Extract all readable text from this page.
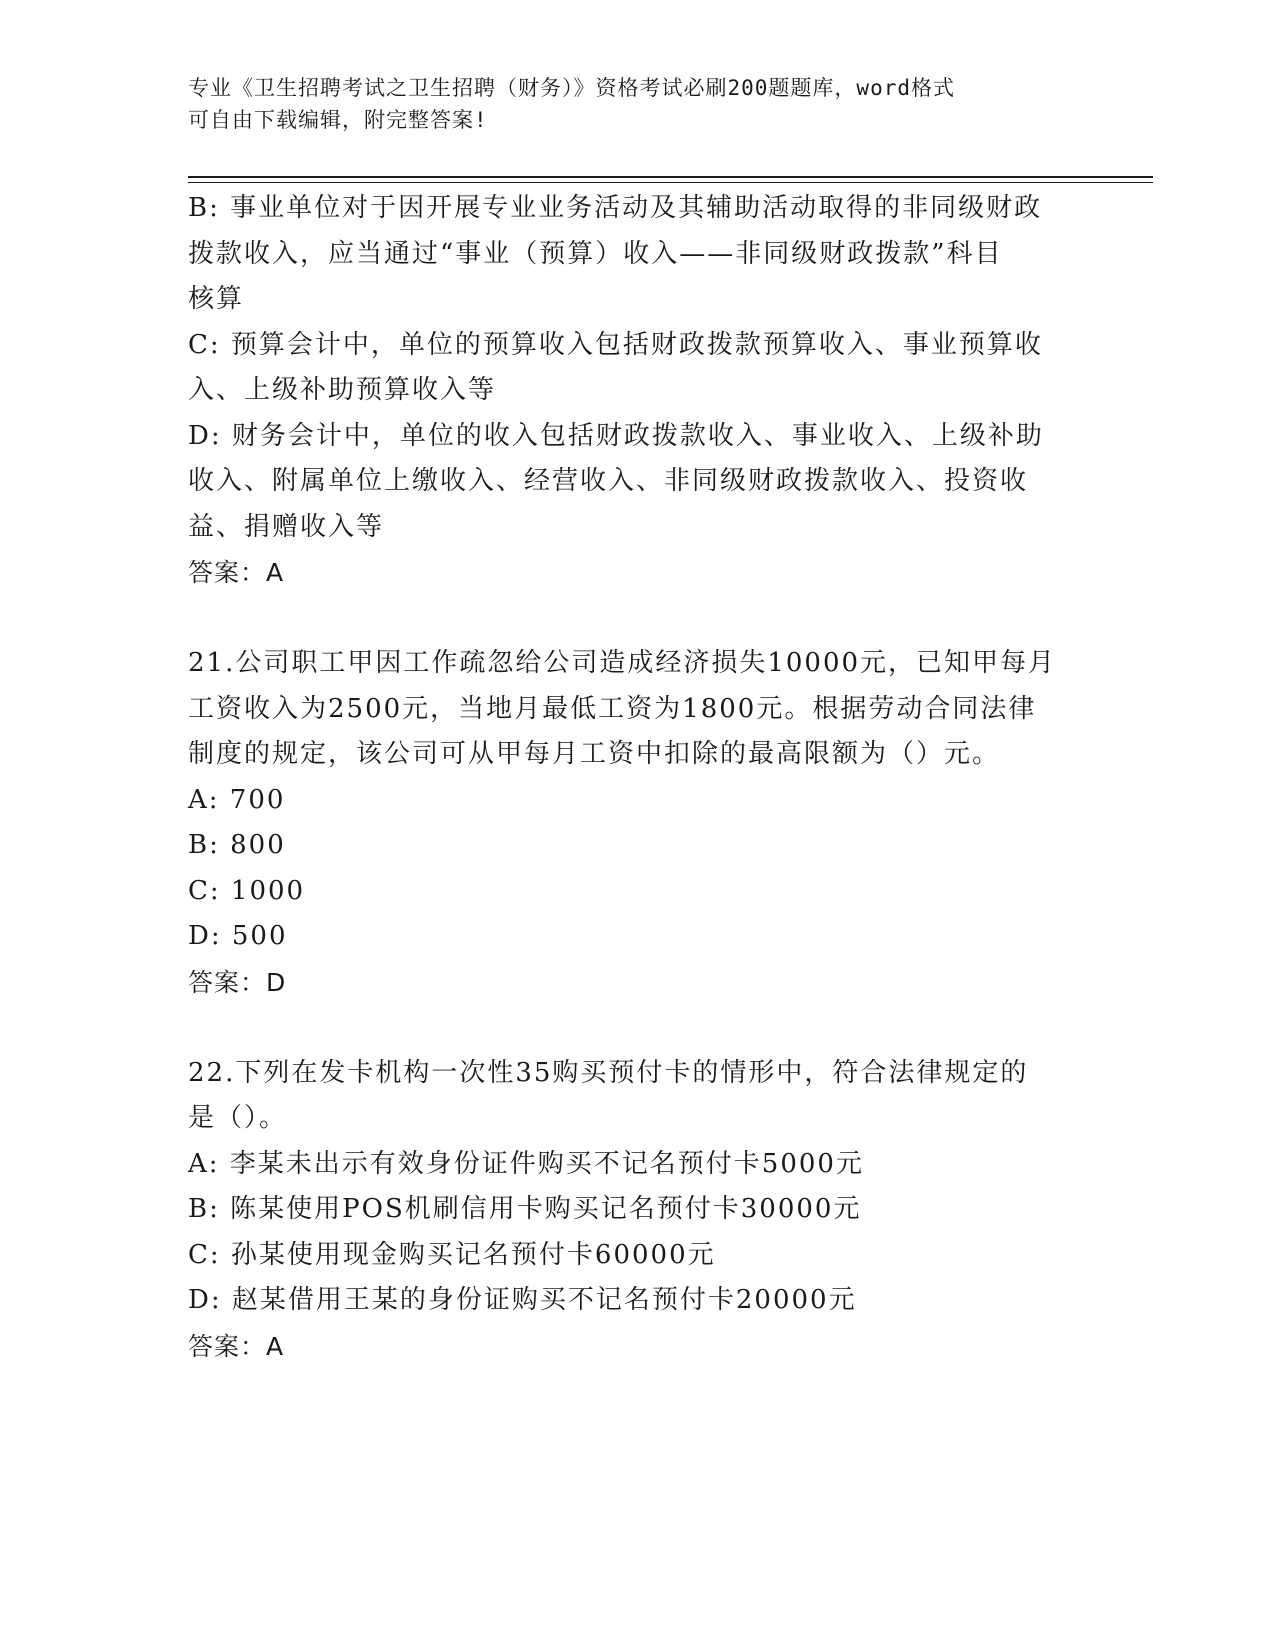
专业《卫生招聘考试之卫生招聘（财务）》资格考试必刷200题题库，word格式
可自由下载编辑，附完整答案!
B: 事业单位对于因开展专业业务活动及其辅助活动取得的非同级财政
拨款收入，应当通过“事业（预算）收入——非同级财政拨款”科目
核算
C: 预算会计中，单位的预算收入包括财政拨款预算收入、事业预算收
入、上级补助预算收入等
D: 财务会计中，单位的收入包括财政拨款收入、事业收入、上级补助
收入、附属单位上缴收入、经营收入、非同级财政拨款收入、投资收
益、捐赠收入等
答案：A
21.公司职工甲因工作疏忽给公司造成经济损失10000元，已知甲每月
工资收入为2500元，当地月最低工资为1800元。根据劳动合同法律
制度的规定，该公司可从甲每月工资中扣除的最高限额为（）元。
A: 700
B: 800
C: 1000
D: 500
答案：D
22.下列在发卡机构一次性35购买预付卡的情形中，符合法律规定的
是（）。
A: 李某未出示有效身份证件购买不记名预付卡5000元
B: 陈某使用POS机刷信用卡购买记名预付卡30000元
C: 孙某使用现金购买记名预付卡60000元
D: 赵某借用王某的身份证购买不记名预付卡20000元
答案：A
